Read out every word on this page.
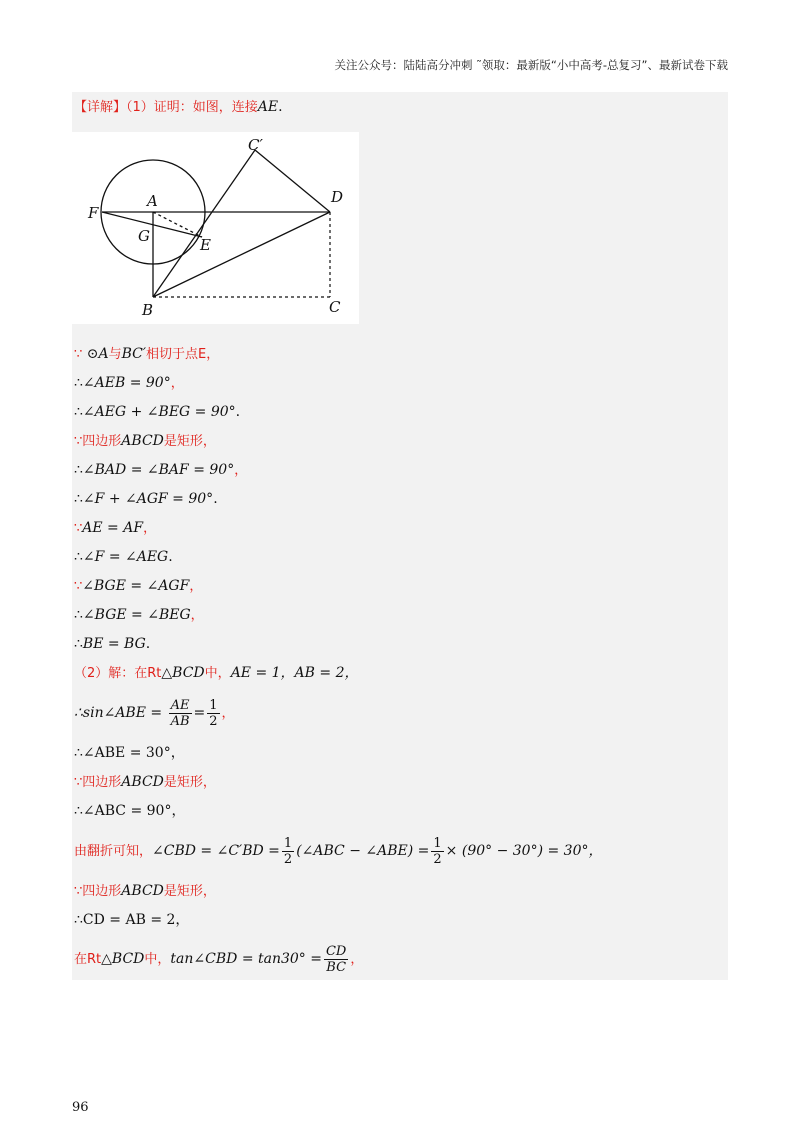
关注公众号：陆陆高分冲刺 ˜领取：最新版“小中高考-总复习”、最新试卷下载
【详解】（1）证明：如图，连接AE.
C′
D
F
A
G	E
B	C
∵ ⊙A与BC′相切于点E，
∴∠AEB = 90°，
∴∠AEG + ∠BEG = 90°.
∵四边形ABCD是矩形，
∴∠BAD = ∠BAF = 90°，
∴∠F + ∠AGF = 90°.
∵AE = AF，
∴∠F = ∠AEG.
∵∠BGE = ∠AGF，
∴∠BGE = ∠BEG，
∴BE = BG.
（2）解：在Rt△BCD中，AE = 1，AB = 2，
∴sin∠ABE = $\frac{AE}{AB} = \frac{1}{2}$ ，
∴∠ABE = 30°，
∵四边形ABCD是矩形，
∴∠ABC = 90°，
由翻折可知，∠CBD = ∠C′BD = $\frac{1}{2}$ (∠ABC − ∠ABE) = $\frac{1}{2} \times (90^\circ - 30^\circ) = 30^\circ$，
∵四边形ABCD是矩形，
∴CD = AB = 2，
在Rt△BCD中，tan∠CBD = $\tan 30^\circ = \frac{CD}{BC}$ ，
96
